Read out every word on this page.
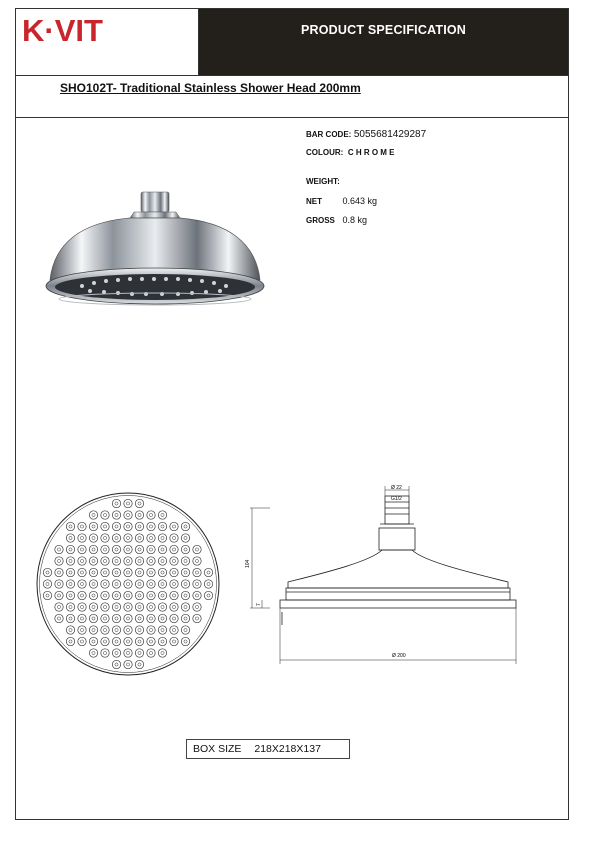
K·VIT	PRODUCT SPECIFICATION
SHO102T- Traditional Stainless Shower Head 200mm
BAR CODE: 5055681429287
COLOUR: C H R O M E
WEIGHT:
NET 0.643 kg
GROSS 0.8 kg
Ø 22
G1/2
104
7
Ø 200
BOX SIZE 218X218X137
